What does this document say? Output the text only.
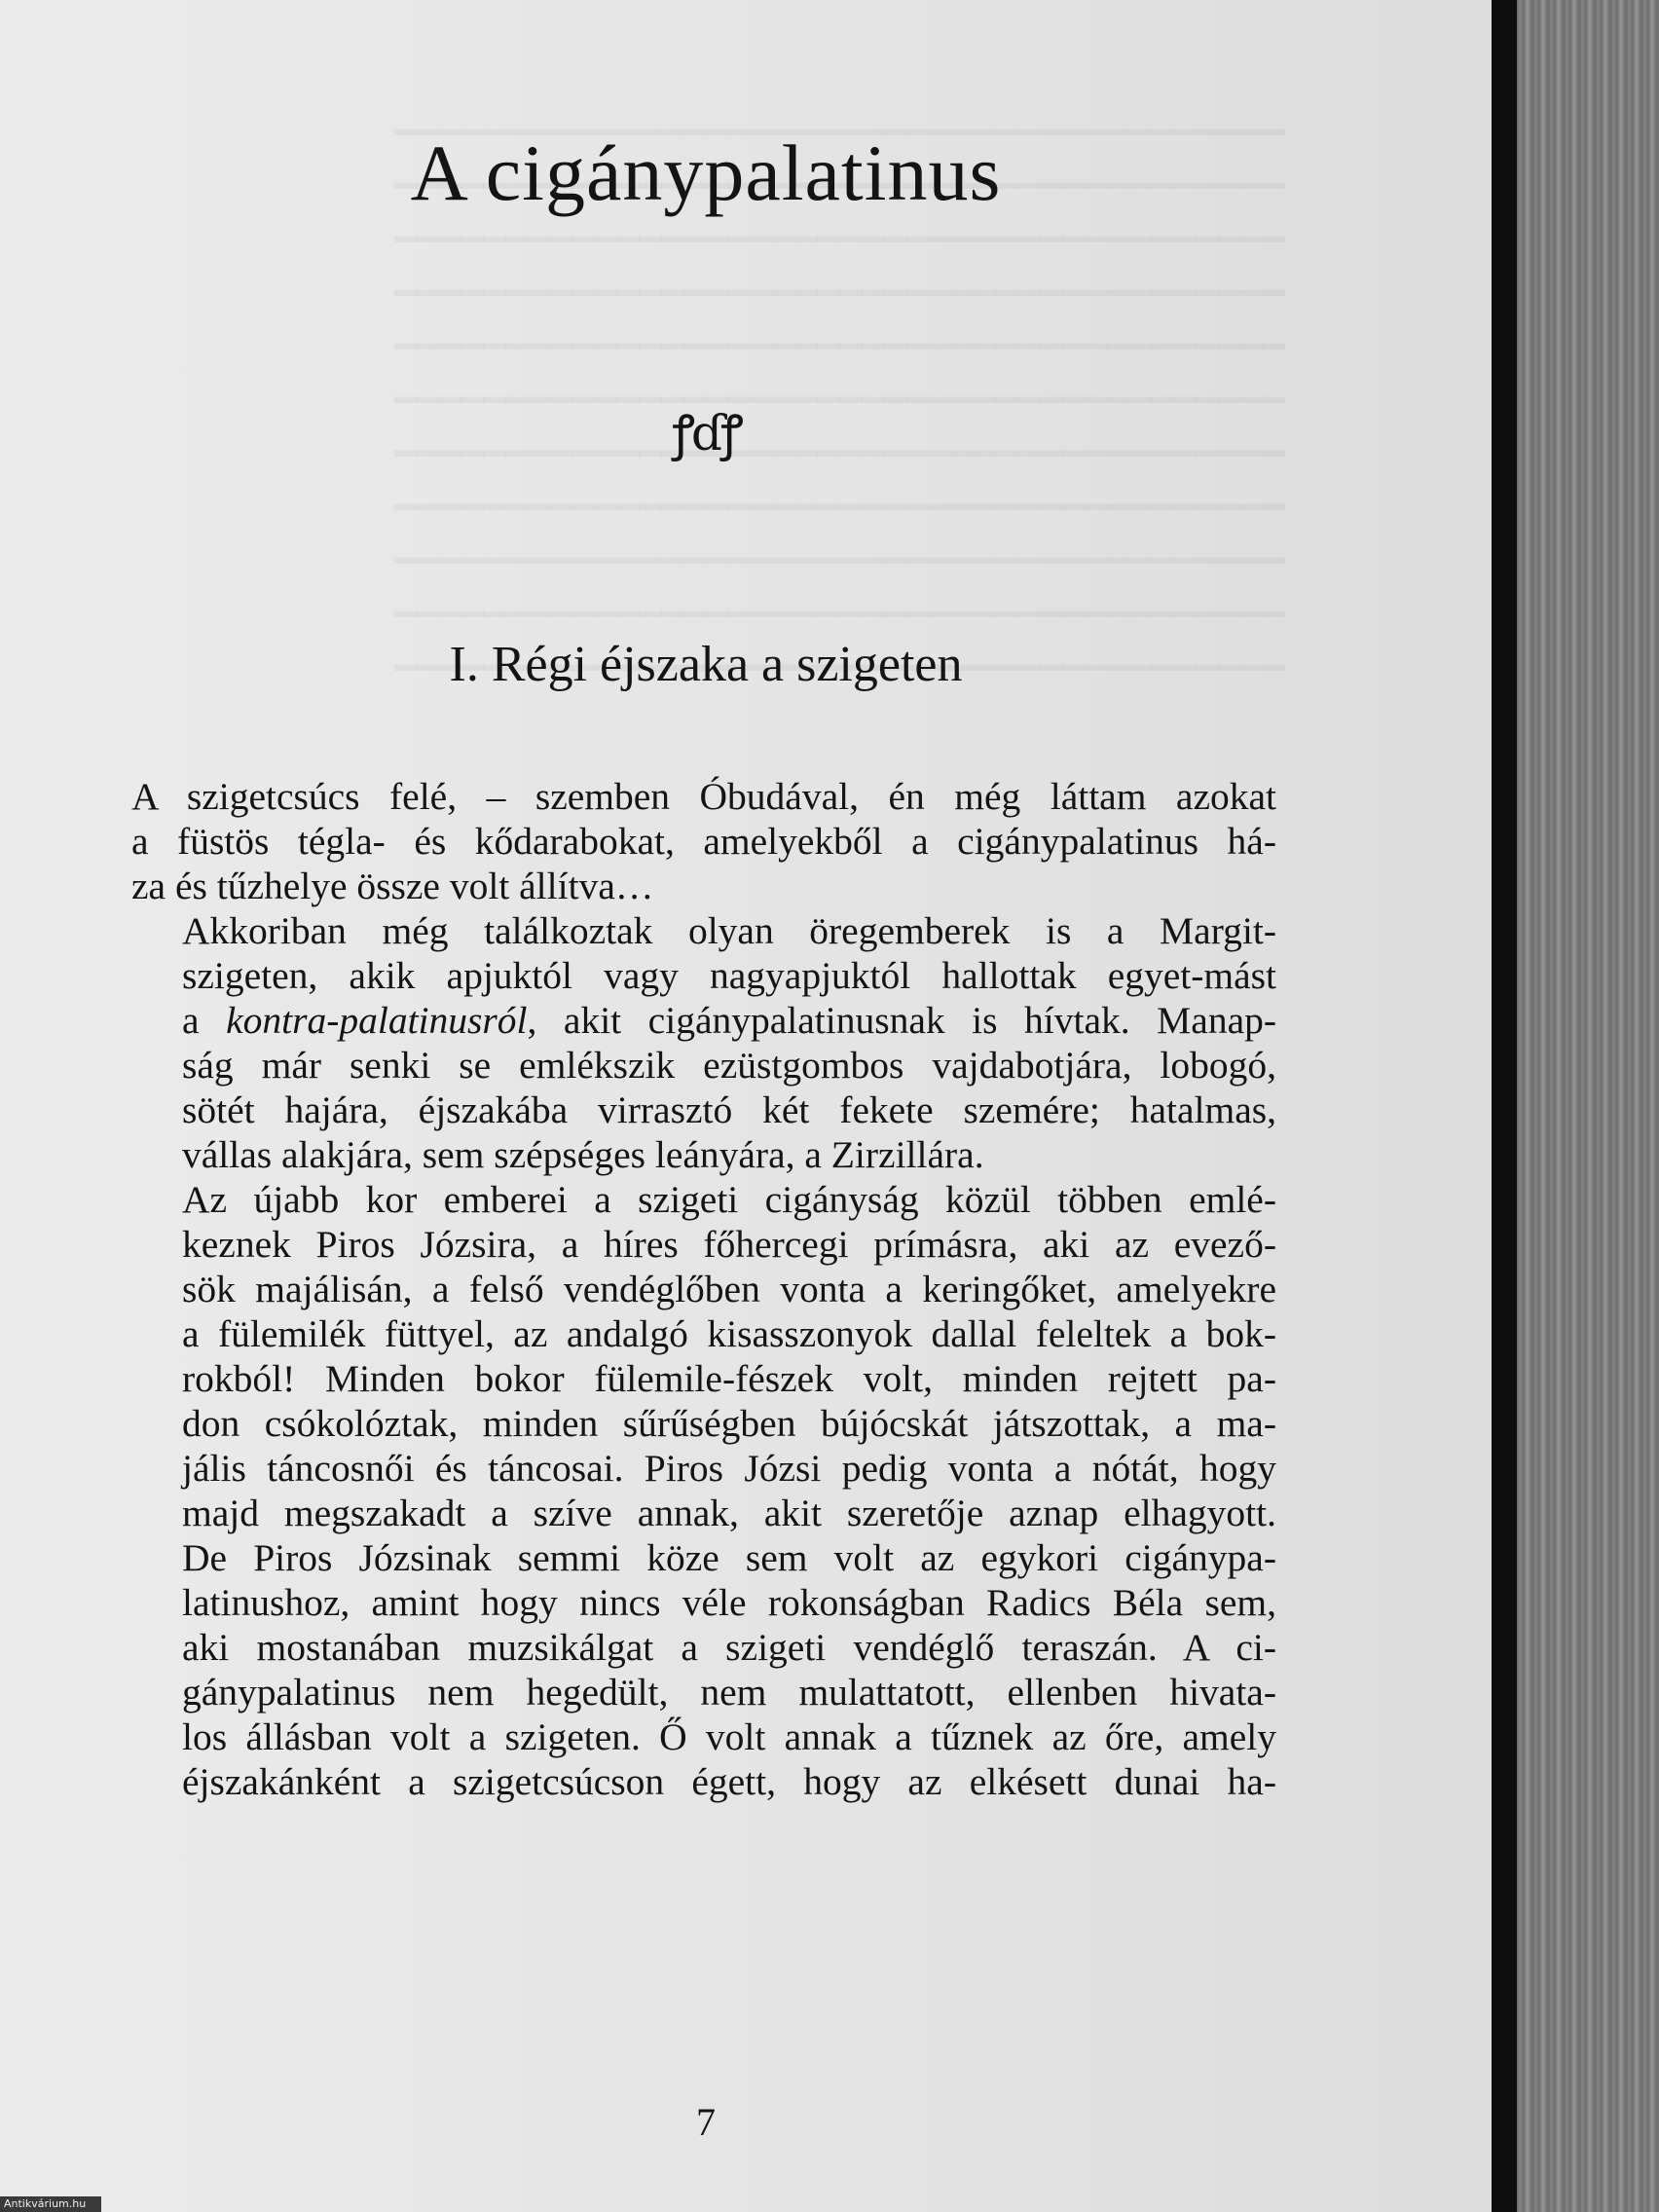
A cigánypalatinus
ꝭɗꝭ
I. Régi éjszaka a szigeten

A szigetcsúcs felé, – szemben Óbudával, én még láttam azokat
a füstös tégla- és kődarabokat, amelyekből a cigánypalatinus há-
za és tűzhelye össze volt állítva…

Akkoriban még találkoztak olyan öregemberek is a Margit-
szigeten, akik apjuktól vagy nagyapjuktól hallottak egyet-mást
a kontra-palatinusról, akit cigánypalatinusnak is hívtak. Manap-
ság már senki se emlékszik ezüstgombos vajdabotjára, lobogó,
sötét hajára, éjszakába virrasztó két fekete szemére; hatalmas,
vállas alakjára, sem szépséges leányára, a Zirzillára.

Az újabb kor emberei a szigeti cigányság közül többen emlé-
keznek Piros Józsira, a híres főhercegi prímásra, aki az evező-
sök majálisán, a felső vendéglőben vonta a keringőket, amelyekre
a fülemilék füttyel, az andalgó kisasszonyok dallal feleltek a bok-
rokból! Minden bokor fülemile-fészek volt, minden rejtett pa-
don csókolóztak, minden sűrűségben bújócskát játszottak, a ma-
jális táncosnői és táncosai. Piros Józsi pedig vonta a nótát, hogy
majd megszakadt a szíve annak, akit szeretője aznap elhagyott.

De Piros Józsinak semmi köze sem volt az egykori cigánypa-
latinushoz, amint hogy nincs véle rokonságban Radics Béla sem,
aki mostanában muzsikálgat a szigeti vendéglő teraszán. A ci-
gánypalatinus nem hegedült, nem mulattatott, ellenben hivata-
los állásban volt a szigeten. Ő volt annak a tűznek az őre, amely
éjszakánként a szigetcsúcson égett, hogy az elkésett dunai ha-

7
Antikvárium.hu
